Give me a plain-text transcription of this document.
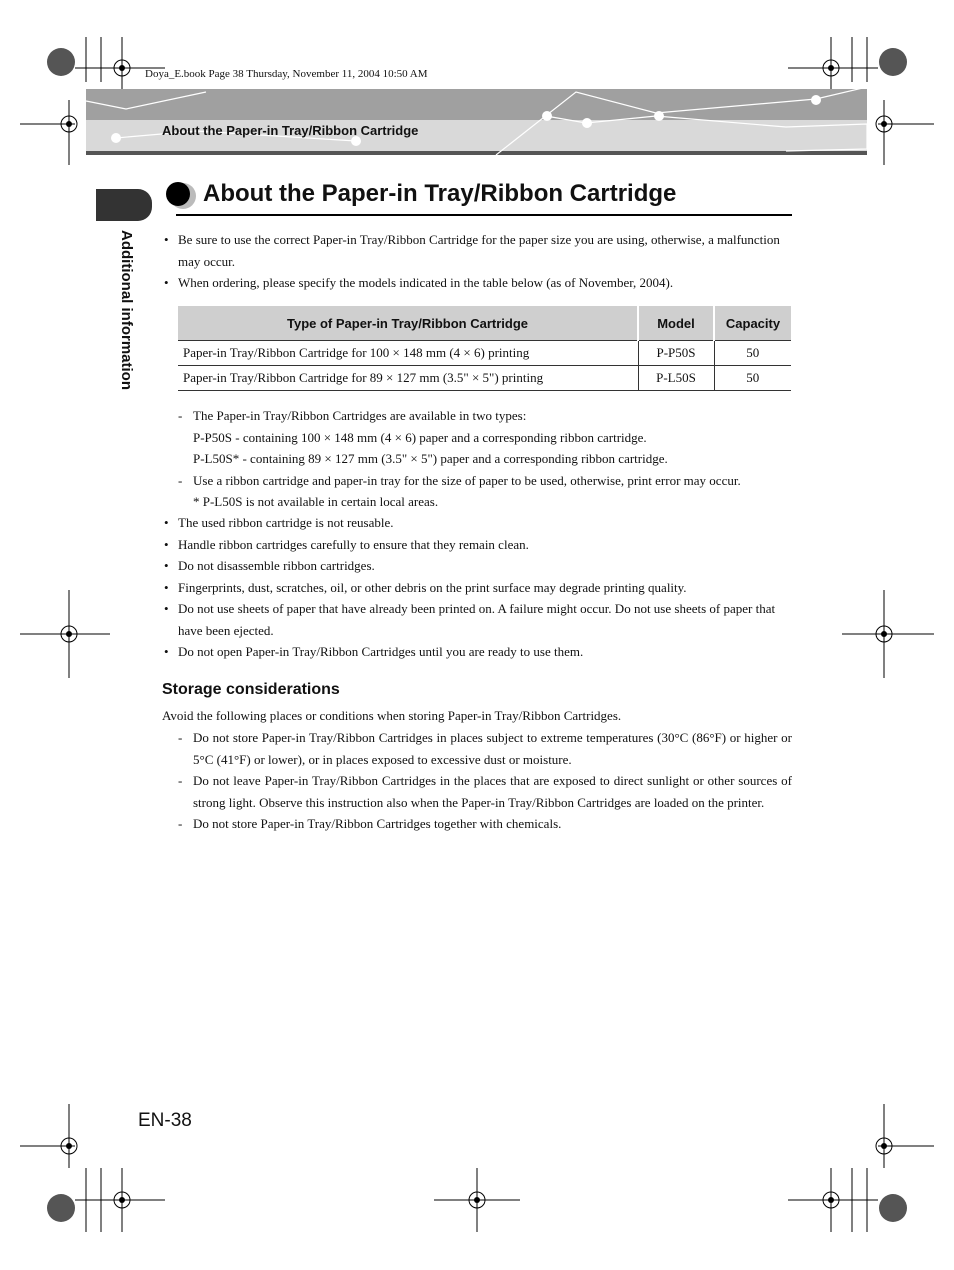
Doya_E.book Page 38 Thursday, November 11, 2004 10:50 AM
About the Paper-in Tray/Ribbon Cartridge
Additional information
About the Paper-in Tray/Ribbon Cartridge
• Be sure to use the correct Paper-in Tray/Ribbon Cartridge for the paper size you are using, otherwise, a malfunction may occur.
• When ordering, please specify the models indicated in the table below (as of November, 2004).
Type of Paper-in Tray/Ribbon Cartridge	Model	Capacity
Paper-in Tray/Ribbon Cartridge for 100 × 148 mm (4 × 6) printing	P-P50S	50
Paper-in Tray/Ribbon Cartridge for 89 × 127 mm (3.5" × 5") printing	P-L50S	50
- The Paper-in Tray/Ribbon Cartridges are available in two types:
P-P50S - containing 100 × 148 mm (4 × 6) paper and a corresponding ribbon cartridge.
P-L50S* - containing 89 × 127 mm (3.5" × 5") paper and a corresponding ribbon cartridge.
- Use a ribbon cartridge and paper-in tray for the size of paper to be used, otherwise, print error may occur.
* P-L50S is not available in certain local areas.
• The used ribbon cartridge is not reusable.
• Handle ribbon cartridges carefully to ensure that they remain clean.
• Do not disassemble ribbon cartridges.
• Fingerprints, dust, scratches, oil, or other debris on the print surface may degrade printing quality.
• Do not use sheets of paper that have already been printed on. A failure might occur. Do not use sheets of paper that have been ejected.
• Do not open Paper-in Tray/Ribbon Cartridges until you are ready to use them.
Storage considerations
Avoid the following places or conditions when storing Paper-in Tray/Ribbon Cartridges.
- Do not store Paper-in Tray/Ribbon Cartridges in places subject to extreme temperatures (30°C (86°F) or higher or 5°C (41°F) or lower), or in places exposed to excessive dust or moisture.
- Do not leave Paper-in Tray/Ribbon Cartridges in the places that are exposed to direct sunlight or other sources of strong light. Observe this instruction also when the Paper-in Tray/Ribbon Cartridges are loaded on the printer.
- Do not store Paper-in Tray/Ribbon Cartridges together with chemicals.
EN-38
